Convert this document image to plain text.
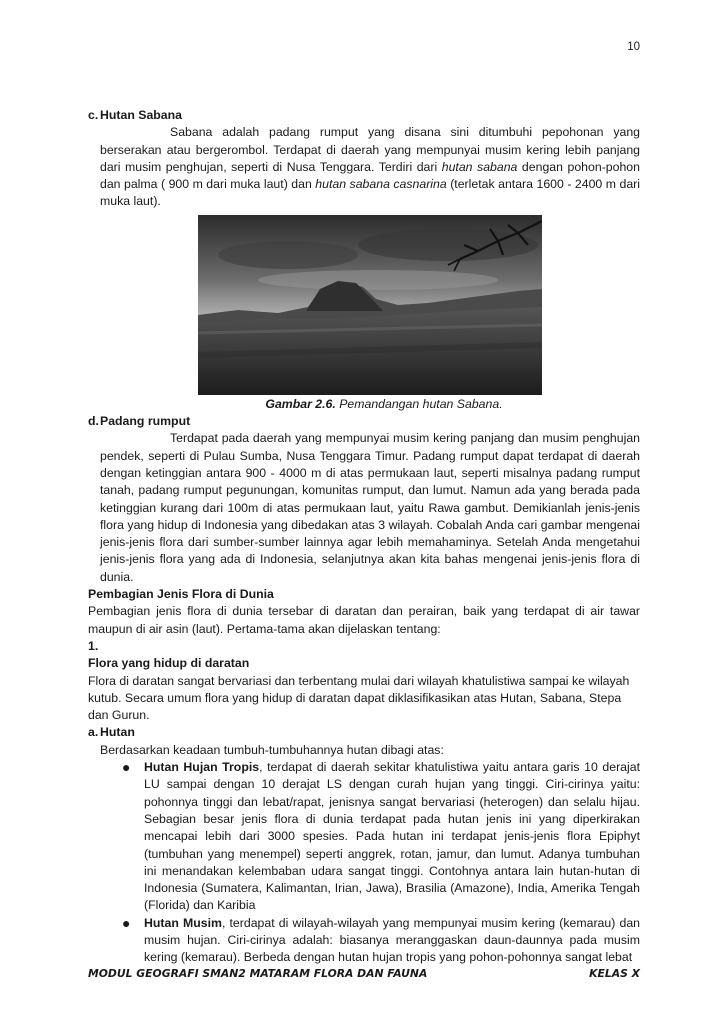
10
c. Hutan Sabana
Sabana adalah padang rumput yang disana sini ditumbuhi pepohonan yang berserakan atau bergerombol. Terdapat di daerah yang mempunyai musim kering lebih panjang dari musim penghujan, seperti di Nusa Tenggara. Terdiri dari hutan sabana dengan pohon-pohon dan palma ( 900 m dari muka laut) dan hutan sabana casnarina (terletak antara 1600 - 2400 m dari muka laut).
Gambar 2.6. Pemandangan hutan Sabana.
d. Padang rumput
Terdapat pada daerah yang mempunyai musim kering panjang dan musim penghujan pendek, seperti di Pulau Sumba, Nusa Tenggara Timur. Padang rumput dapat terdapat di daerah dengan ketinggian antara 900 - 4000 m di atas permukaan laut, seperti misalnya padang rumput tanah, padang rumput pegunungan, komunitas rumput, dan lumut. Namun ada yang berada pada ketinggian kurang dari 100m di atas permukaan laut, yaitu Rawa gambut. Demikianlah jenis-jenis flora yang hidup di Indonesia yang dibedakan atas 3 wilayah. Cobalah Anda cari gambar mengenai jenis-jenis flora dari sumber-sumber lainnya agar lebih memahaminya. Setelah Anda mengetahui jenis-jenis flora yang ada di Indonesia, selanjutnya akan kita bahas mengenai jenis-jenis flora di dunia.
Pembagian Jenis Flora di Dunia
Pembagian jenis flora di dunia tersebar di daratan dan perairan, baik yang terdapat di air tawar maupun di air asin (laut). Pertama-tama akan dijelaskan tentang:
1.
Flora yang hidup di daratan
Flora di daratan sangat bervariasi dan terbentang mulai dari wilayah khatulistiwa sampai ke wilayah kutub. Secara umum flora yang hidup di daratan dapat diklasifikasikan atas Hutan, Sabana, Stepa dan Gurun.
a. Hutan
Berdasarkan keadaan tumbuh-tumbuhannya hutan dibagi atas:
●	Hutan Hujan Tropis, terdapat di daerah sekitar khatulistiwa yaitu antara garis 10 derajat LU sampai dengan 10 derajat LS dengan curah hujan yang tinggi. Ciri-cirinya yaitu: pohonnya tinggi dan lebat/rapat, jenisnya sangat bervariasi (heterogen) dan selalu hijau. Sebagian besar jenis flora di dunia terdapat pada hutan jenis ini yang diperkirakan mencapai lebih dari 3000 spesies. Pada hutan ini terdapat jenis-jenis flora Epiphyt (tumbuhan yang menempel) seperti anggrek, rotan, jamur, dan lumut. Adanya tumbuhan ini menandakan kelembaban udara sangat tinggi. Contohnya antara lain hutan-hutan di Indonesia (Sumatera, Kalimantan, Irian, Jawa), Brasilia (Amazone), India, Amerika Tengah (Florida) dan Karibia
●	Hutan Musim, terdapat di wilayah-wilayah yang mempunyai musim kering (kemarau) dan musim hujan. Ciri-cirinya adalah: biasanya meranggaskan daun-daunnya pada musim kering (kemarau). Berbeda dengan hutan hujan tropis yang pohon-pohonnya sangat lebat
MODUL GEOGRAFI SMAN2 MATARAM FLORA DAN FAUNA	KELAS X
